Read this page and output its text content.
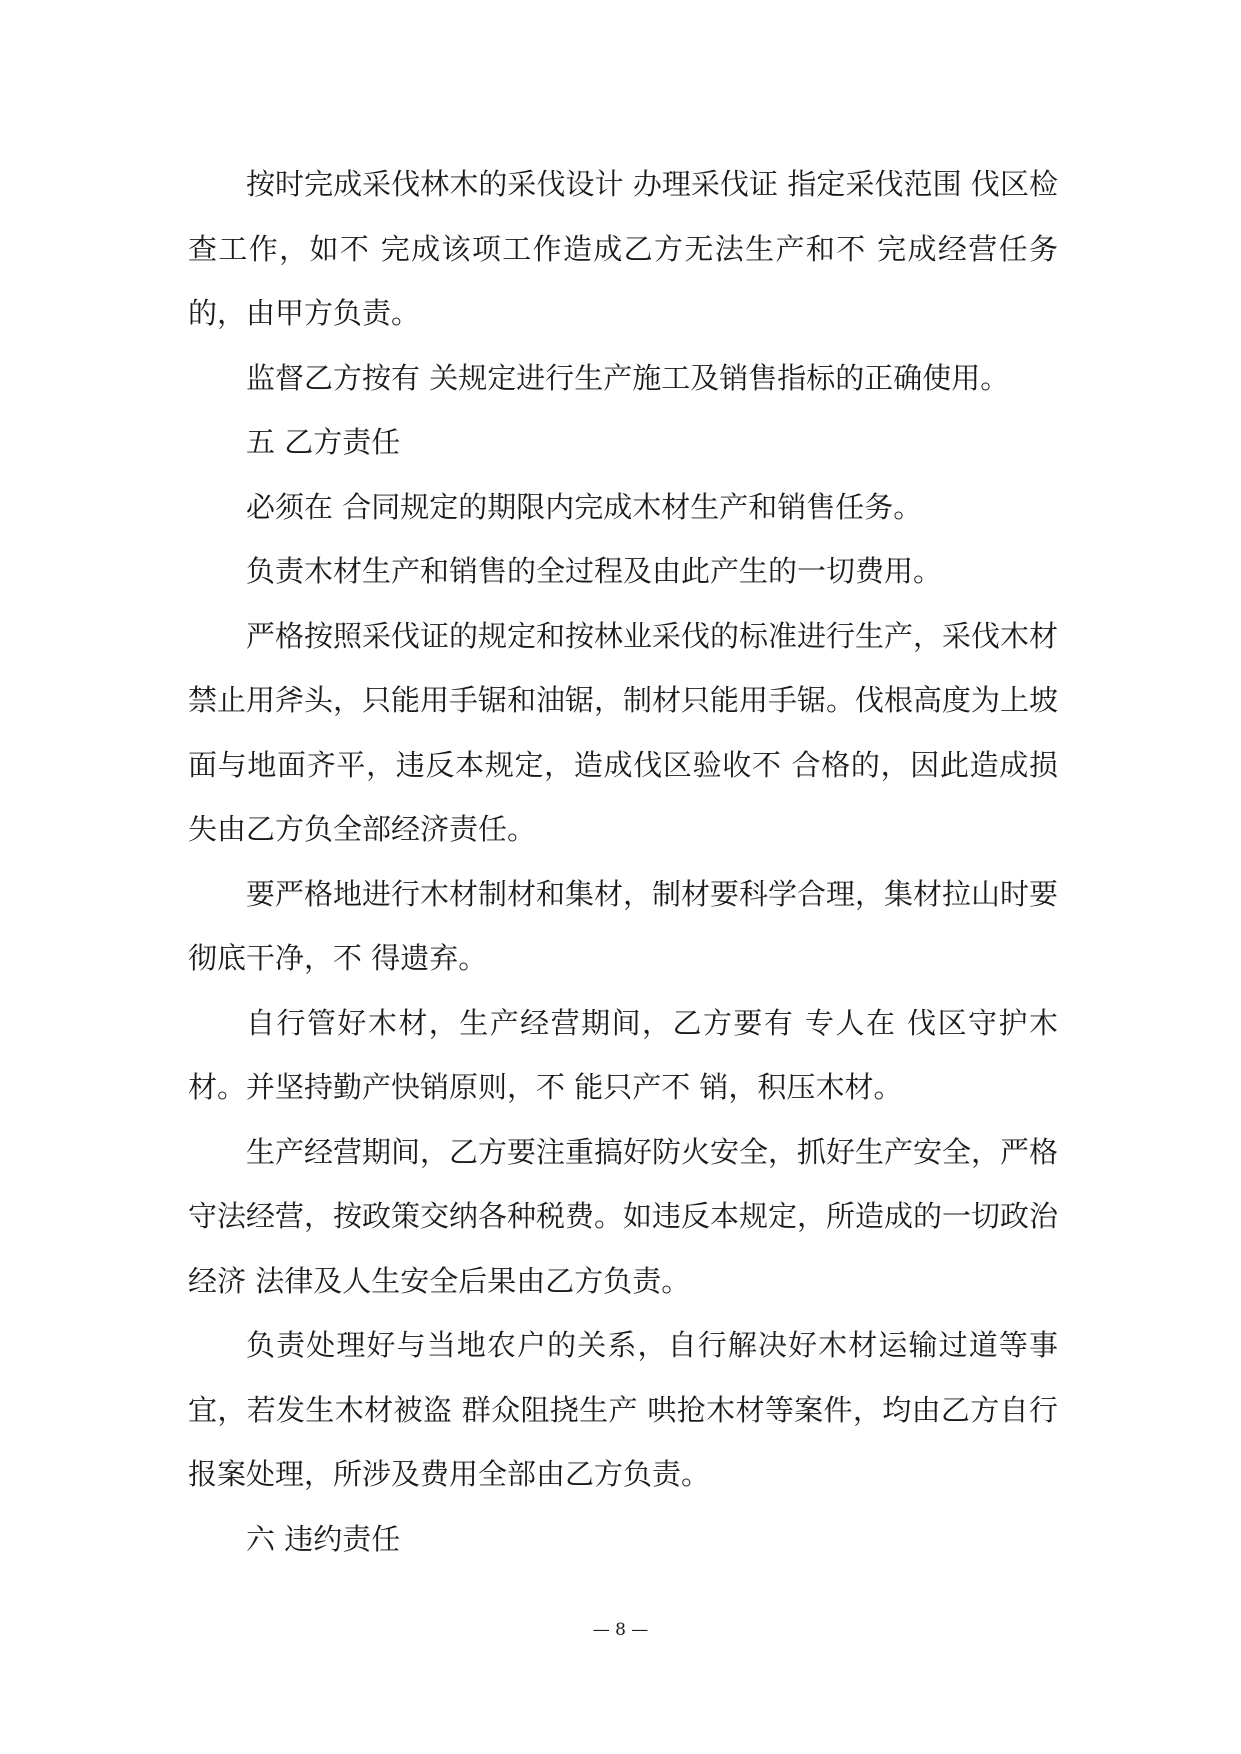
按时完成采伐林木的采伐设计 办理采伐证 指定采伐范围 伐区检查工作，如不 完成该项工作造成乙方无法生产和不 完成经营任务的，由甲方负责。

监督乙方按有 关规定进行生产施工及销售指标的正确使用。

五 乙方责任

必须在 合同规定的期限内完成木材生产和销售任务。

负责木材生产和销售的全过程及由此产生的一切费用。

严格按照采伐证的规定和按林业采伐的标准进行生产，采伐木材禁止用斧头，只能用手锯和油锯，制材只能用手锯。伐根高度为上坡面与地面齐平，违反本规定，造成伐区验收不 合格的，因此造成损失由乙方负全部经济责任。

要严格地进行木材制材和集材，制材要科学合理，集材拉山时要彻底干净，不 得遗弃。

自行管好木材，生产经营期间，乙方要有 专人在 伐区守护木材。并坚持勤产快销原则，不 能只产不 销，积压木材。

生产经营期间，乙方要注重搞好防火安全，抓好生产安全，严格守法经营，按政策交纳各种税费。如违反本规定，所造成的一切政治经济 法律及人生安全后果由乙方负责。

负责处理好与当地农户的关系，自行解决好木材运输过道等事宜，若发生木材被盗 群众阻挠生产 哄抢木材等案件，均由乙方自行报案处理，所涉及费用全部由乙方负责。

六 违约责任

— 8 —
